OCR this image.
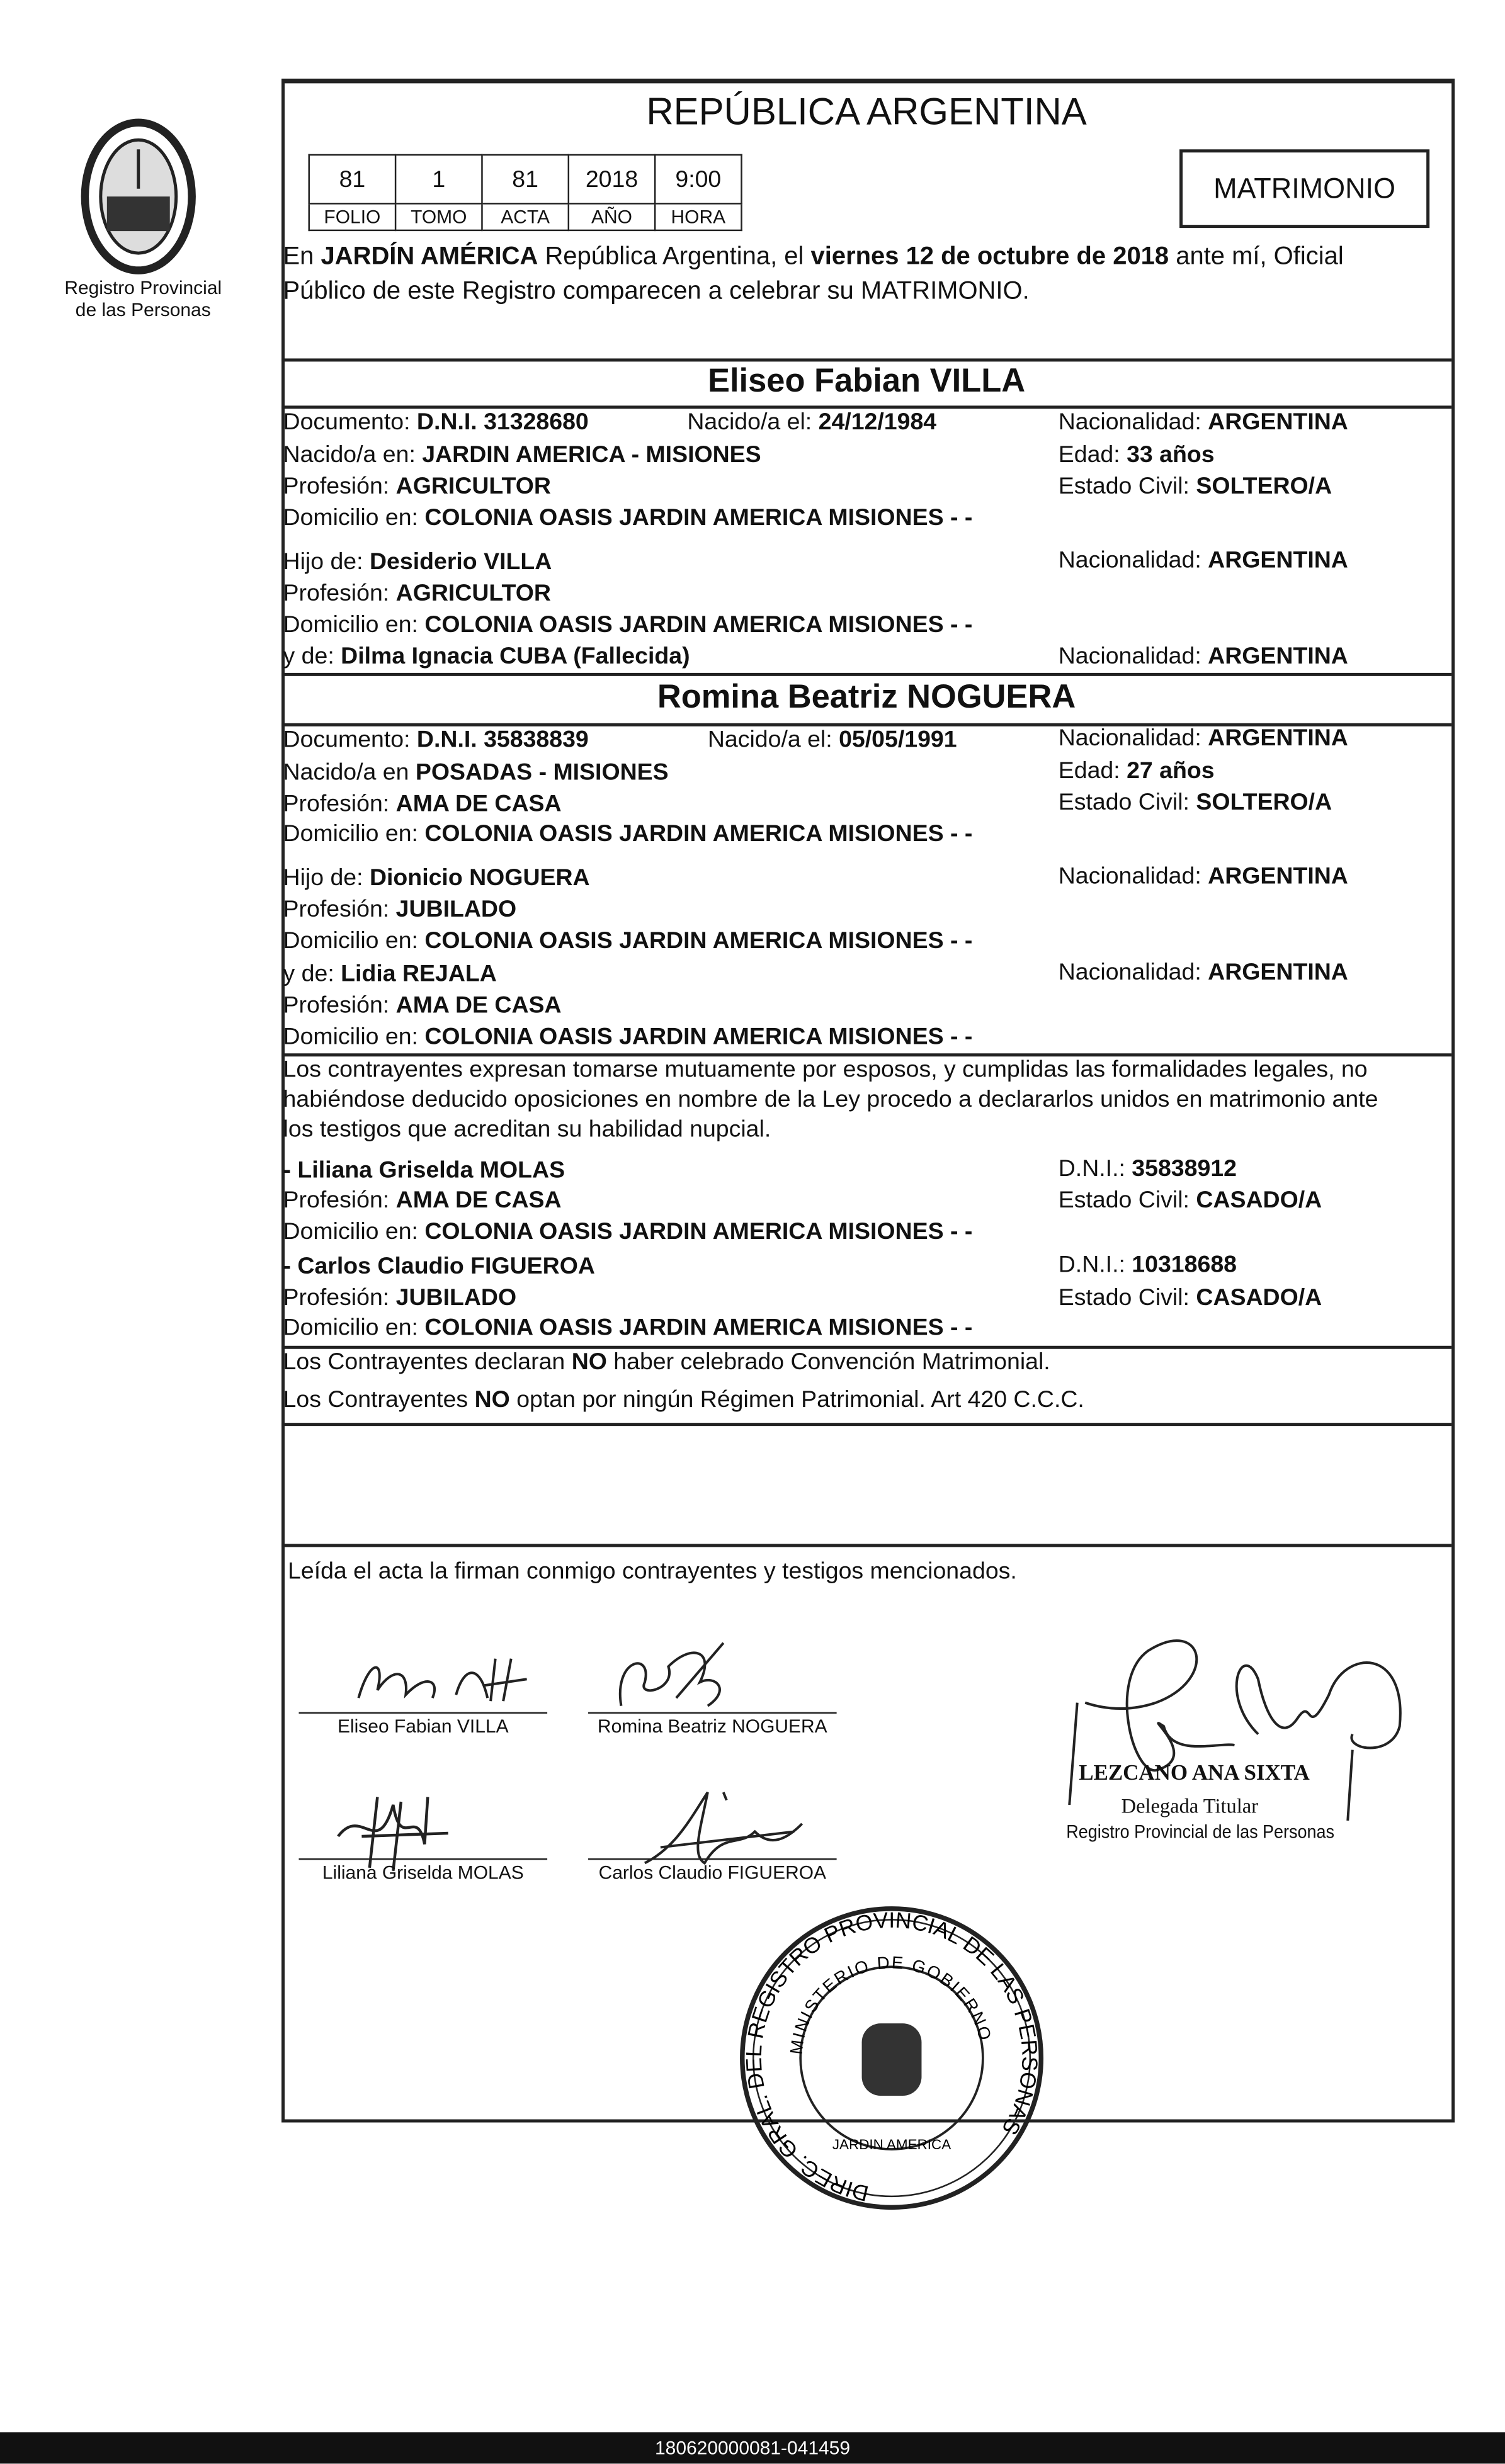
Registro Provincial
de las Personas
REPÚBLICA ARGENTINA
81	1	81	2018	9:00
FOLIO	TOMO	ACTA	AÑO	HORA
MATRIMONIO
En JARDÍN AMÉRICA República Argentina, el viernes 12 de octubre de 2018 ante mí, Oficial
Público de este Registro comparecen a celebrar su MATRIMONIO.
Eliseo Fabian VILLA
Documento: D.N.I. 31328680	Nacido/a el: 24/12/1984	Nacionalidad: ARGENTINA
Nacido/a en: JARDIN AMERICA - MISIONES	Edad: 33 años
Profesión: AGRICULTOR	Estado Civil: SOLTERO/A
Domicilio en: COLONIA OASIS JARDIN AMERICA MISIONES - -
Hijo de: Desiderio VILLA	Nacionalidad: ARGENTINA
Profesión: AGRICULTOR
Domicilio en: COLONIA OASIS JARDIN AMERICA MISIONES - -
y de: Dilma Ignacia CUBA (Fallecida)	Nacionalidad: ARGENTINA
Romina Beatriz NOGUERA
Documento: D.N.I. 35838839	Nacido/a el: 05/05/1991	Nacionalidad: ARGENTINA
Nacido/a en POSADAS - MISIONES	Edad: 27 años
Profesión: AMA DE CASA	Estado Civil: SOLTERO/A
Domicilio en: COLONIA OASIS JARDIN AMERICA MISIONES - -
Hijo de: Dionicio NOGUERA	Nacionalidad: ARGENTINA
Profesión: JUBILADO
Domicilio en: COLONIA OASIS JARDIN AMERICA MISIONES - -
y de: Lidia REJALA	Nacionalidad: ARGENTINA
Profesión: AMA DE CASA
Domicilio en: COLONIA OASIS JARDIN AMERICA MISIONES - -
Los contrayentes expresan tomarse mutuamente por esposos, y cumplidas las formalidades legales, no
habiéndose deducido oposiciones en nombre de la Ley procedo a declararlos unidos en matrimonio ante
los testigos que acreditan su habilidad nupcial.
- Liliana Griselda MOLAS	D.N.I.: 35838912
Profesión: AMA DE CASA	Estado Civil: CASADO/A
Domicilio en: COLONIA OASIS JARDIN AMERICA MISIONES - -
- Carlos Claudio FIGUEROA	D.N.I.: 10318688
Profesión: JUBILADO	Estado Civil: CASADO/A
Domicilio en: COLONIA OASIS JARDIN AMERICA MISIONES - -
Los Contrayentes declaran NO haber celebrado Convención Matrimonial.
Los Contrayentes NO optan por ningún Régimen Patrimonial. Art 420 C.C.C.
Leída el acta la firman conmigo contrayentes y testigos mencionados.
Eliseo Fabian VILLA	Romina Beatriz NOGUERA
Liliana Griselda MOLAS	Carlos Claudio FIGUEROA
DIREC. GRAL. DEL REGISTRO PROVINCIAL DE LAS PERSONAS
MINISTERIO DE GOBIERNO
JARDIN AMERICA
LEZCANO ANA SIXTA
Delegada Titular
Registro Provincial de las Personas
180620000081-041459
